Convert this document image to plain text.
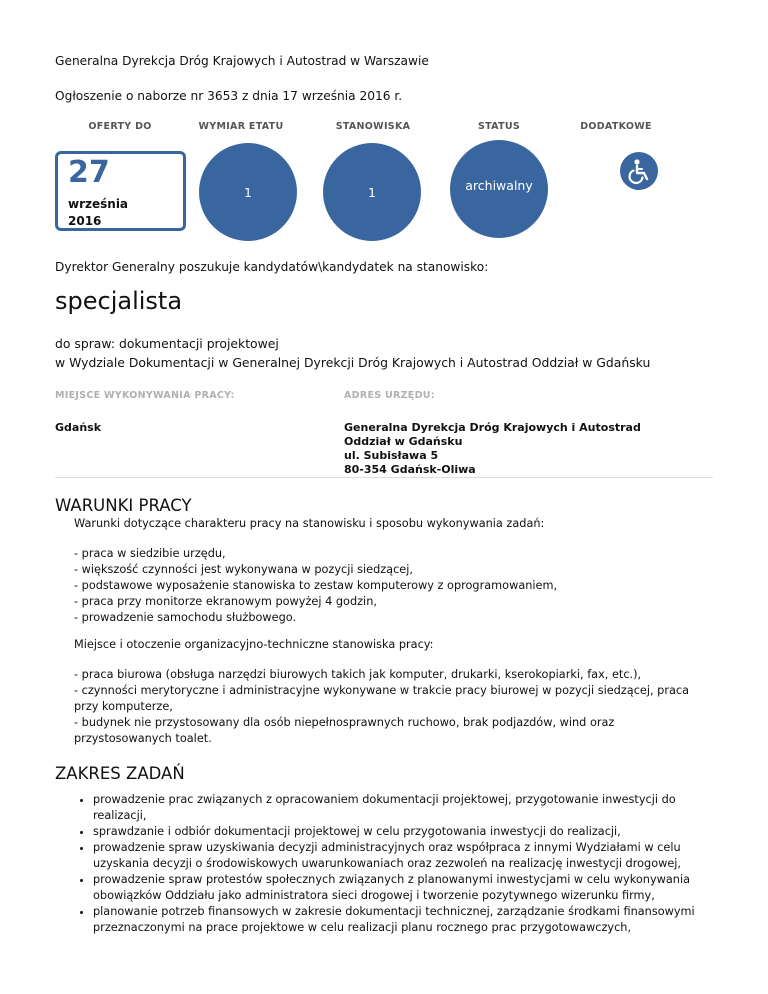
Generalna Dyrekcja Dróg Krajowych i Autostrad w Warszawie

Ogłoszenie o naborze nr 3653 z dnia 17 września 2016 r.

OFERTY DO	WYMIAR ETATU	STANOWISKA	STATUS	DODATKOWE
27
września
2016
1	1	archiwalny

Dyrektor Generalny poszukuje kandydatów\kandydatek na stanowisko:

specjalista

do spraw: dokumentacji projektowej

w Wydziale Dokumentacji w Generalnej Dyrekcji Dróg Krajowych i Autostrad Oddział w Gdańsku

MIEJSCE WYKONYWANIA PRACY:	ADRES URZĘDU:
Gdańsk	Generalna Dyrekcja Dróg Krajowych i Autostrad
Oddział w Gdańsku
ul. Subisława 5
80-354 Gdańsk-Oliwa
WARUNKI PRACY

Warunki dotyczące charakteru pracy na stanowisku i sposobu wykonywania zadań:

- praca w siedzibie urzędu,
- większość czynności jest wykonywana w pozycji siedzącej,
- podstawowe wyposażenie stanowiska to zestaw komputerowy z oprogramowaniem,
- praca przy monitorze ekranowym powyżej 4 godzin,
- prowadzenie samochodu służbowego.

Miejsce i otoczenie organizacyjno-techniczne stanowiska pracy:

- praca biurowa (obsługa narzędzi biurowych takich jak komputer, drukarki, kserokopiarki, fax, etc.),
- czynności merytoryczne i administracyjne wykonywane w trakcie pracy biurowej w pozycji siedzącej, praca przy komputerze,
- budynek nie przystosowany dla osób niepełnosprawnych ruchowo, brak podjazdów, wind oraz przystosowanych toalet.
ZAKRES ZADAŃ
• prowadzenie prac związanych z opracowaniem dokumentacji projektowej, przygotowanie inwestycji do realizacji,
• sprawdzanie i odbiór dokumentacji projektowej w celu przygotowania inwestycji do realizacji,
• prowadzenie spraw uzyskiwania decyzji administracyjnych oraz współpraca z innymi Wydziałami w celu uzyskania decyzji o środowiskowych uwarunkowaniach oraz zezwoleń na realizację inwestycji drogowej,
• prowadzenie spraw protestów społecznych związanych z planowanymi inwestycjami w celu wykonywania obowiązków Oddziału jako administratora sieci drogowej i tworzenie pozytywnego wizerunku firmy,
• planowanie potrzeb finansowych w zakresie dokumentacji technicznej, zarządzanie środkami finansowymi przeznaczonymi na prace projektowe w celu realizacji planu rocznego prac przygotowawczych,
